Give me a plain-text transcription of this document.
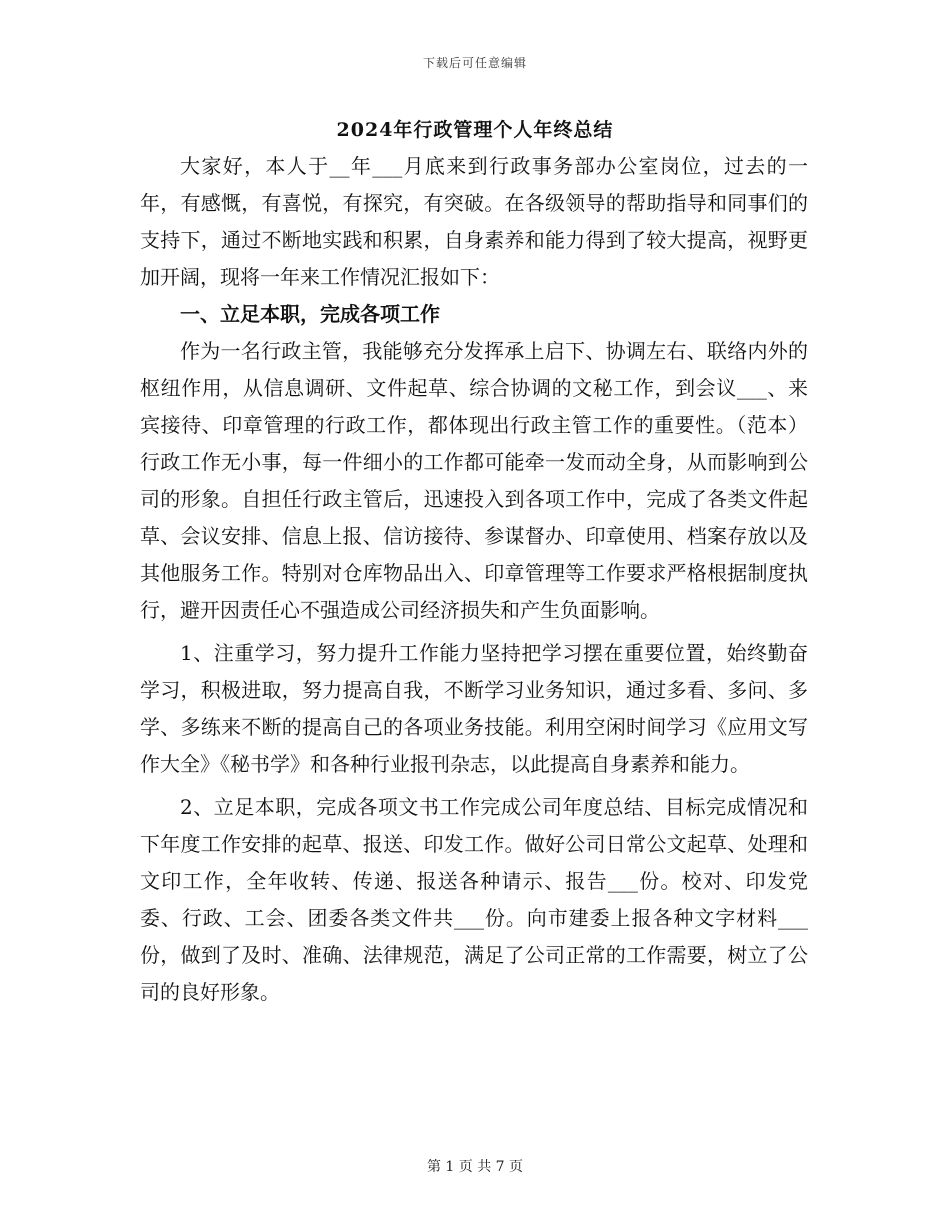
下载后可任意编辑
2024年行政管理个人年终总结

大家好，本人于__年___月底来到行政事务部办公室岗位，过去的一年，有感慨，有喜悦，有探究，有突破。在各级领导的帮助指导和同事们的支持下，通过不断地实践和积累，自身素养和能力得到了较大提高，视野更加开阔，现将一年来工作情况汇报如下：

一、立足本职，完成各项工作

作为一名行政主管，我能够充分发挥承上启下、协调左右、联络内外的枢纽作用，从信息调研、文件起草、综合协调的文秘工作，到会议___、来宾接待、印章管理的行政工作，都体现出行政主管工作的重要性。（范本）行政工作无小事，每一件细小的工作都可能牵一发而动全身，从而影响到公司的形象。自担任行政主管后，迅速投入到各项工作中，完成了各类文件起草、会议安排、信息上报、信访接待、参谋督办、印章使用、档案存放以及其他服务工作。特别对仓库物品出入、印章管理等工作要求严格根据制度执行，避开因责任心不强造成公司经济损失和产生负面影响。

1、注重学习，努力提升工作能力坚持把学习摆在重要位置，始终勤奋学习，积极进取，努力提高自我，不断学习业务知识，通过多看、多问、多学、多练来不断的提高自己的各项业务技能。利用空闲时间学习《应用文写作大全》《秘书学》和各种行业报刊杂志，以此提高自身素养和能力。

2、立足本职，完成各项文书工作完成公司年度总结、目标完成情况和下年度工作安排的起草、报送、印发工作。做好公司日常公文起草、处理和文印工作，全年收转、传递、报送各种请示、报告___份。校对、印发党委、行政、工会、团委各类文件共___份。向市建委上报各种文字材料___份，做到了及时、准确、法律规范，满足了公司正常的工作需要，树立了公司的良好形象。

第 1 页 共 7 页
